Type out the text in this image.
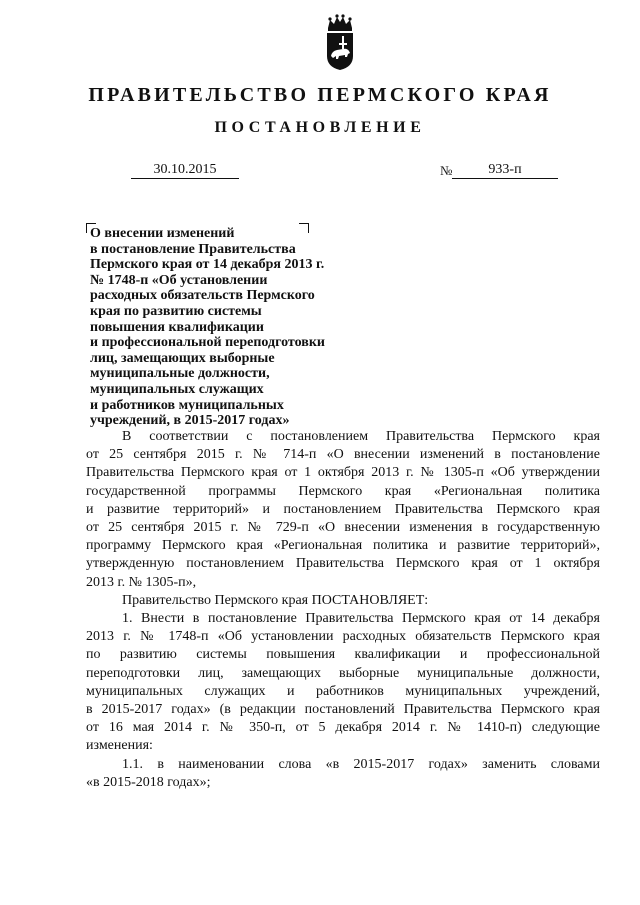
ПРАВИТЕЛЬСТВО ПЕРМСКОГО КРАЯ
ПОСТАНОВЛЕНИЕ
30.10.2015	№	933-п
О внесении изменений
в постановление Правительства
Пермского края от 14 декабря 2013 г.
№ 1748-п «Об установлении
расходных обязательств Пермского
края по развитию системы
повышения квалификации
и профессиональной переподготовки
лиц, замещающих выборные
муниципальные должности,
муниципальных служащих
и работников муниципальных
учреждений, в 2015-2017 годах»
В соответствии с постановлением Правительства Пермского края
от 25 сентября 2015 г. № 714-п «О внесении изменений в постановление
Правительства Пермского края от 1 октября 2013 г. № 1305-п «Об утверждении
государственной программы Пермского края «Региональная политика
и развитие территорий» и постановлением Правительства Пермского края
от 25 сентября 2015 г. № 729-п «О внесении изменения в государственную
программу Пермского края «Региональная политика и развитие территорий»,
утвержденную постановлением Правительства Пермского края от 1 октября
2013 г. № 1305-п»,
Правительство Пермского края ПОСТАНОВЛЯЕТ:
1. Внести в постановление Правительства Пермского края от 14 декабря
2013 г. № 1748-п «Об установлении расходных обязательств Пермского края
по развитию системы повышения квалификации и профессиональной
переподготовки лиц, замещающих выборные муниципальные должности,
муниципальных служащих и работников муниципальных учреждений,
в 2015-2017 годах» (в редакции постановлений Правительства Пермского края
от 16 мая 2014 г. № 350-п, от 5 декабря 2014 г. № 1410-п) следующие
изменения:
1.1. в наименовании слова «в 2015-2017 годах» заменить словами
«в 2015-2018 годах»;
